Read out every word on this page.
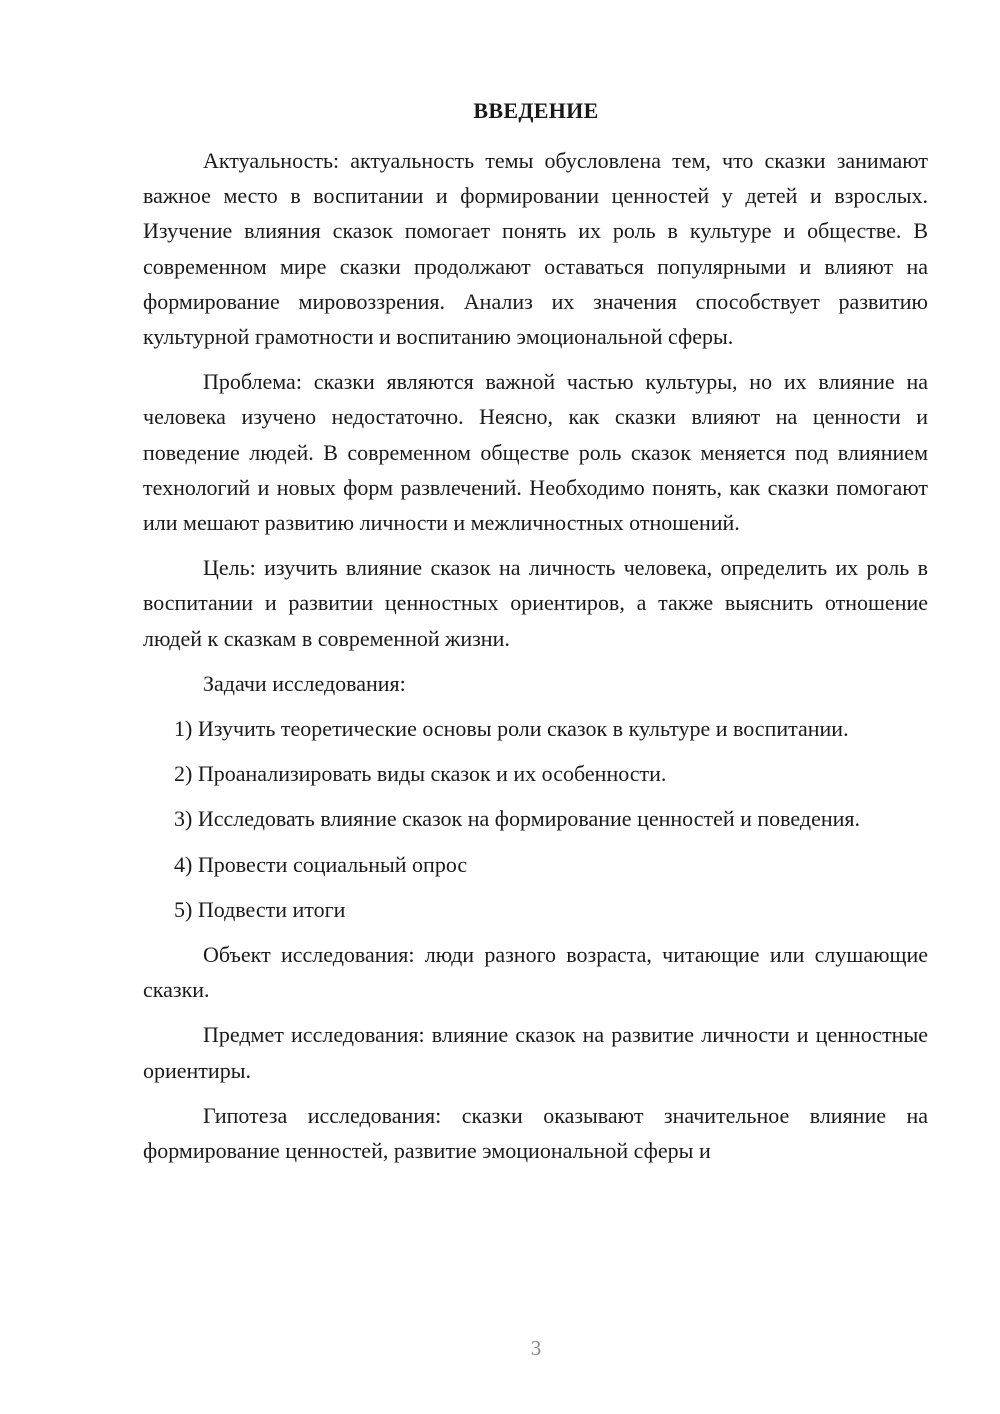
ВВЕДЕНИЕ

Актуальность: актуальность темы обусловлена тем, что сказки занимают важное место в воспитании и формировании ценностей у детей и взрослых. Изучение влияния сказок помогает понять их роль в культуре и обществе. В современном мире сказки продолжают оставаться популярными и влияют на формирование мировоззрения. Анализ их значения способствует развитию культурной грамотности и воспитанию эмоциональной сферы.

Проблема: сказки являются важной частью культуры, но их влияние на человека изучено недостаточно. Неясно, как сказки влияют на ценности и поведение людей. В современном обществе роль сказок меняется под влиянием технологий и новых форм развлечений. Необходимо понять, как сказки помогают или мешают развитию личности и межличностных отношений.

Цель: изучить влияние сказок на личность человека, определить их роль в воспитании и развитии ценностных ориентиров, а также выяснить отношение людей к сказкам в современной жизни.

Задачи исследования:

1) Изучить теоретические основы роли сказок в культуре и воспитании.

2) Проанализировать виды сказок и их особенности.

3) Исследовать влияние сказок на формирование ценностей и поведения.

4) Провести социальный опрос

5) Подвести итоги

Объект исследования: люди разного возраста, читающие или слушающие сказки.

Предмет исследования: влияние сказок на развитие личности и ценностные ориентиры.

Гипотеза исследования: сказки оказывают значительное влияние на формирование ценностей, развитие эмоциональной сферы и

3
